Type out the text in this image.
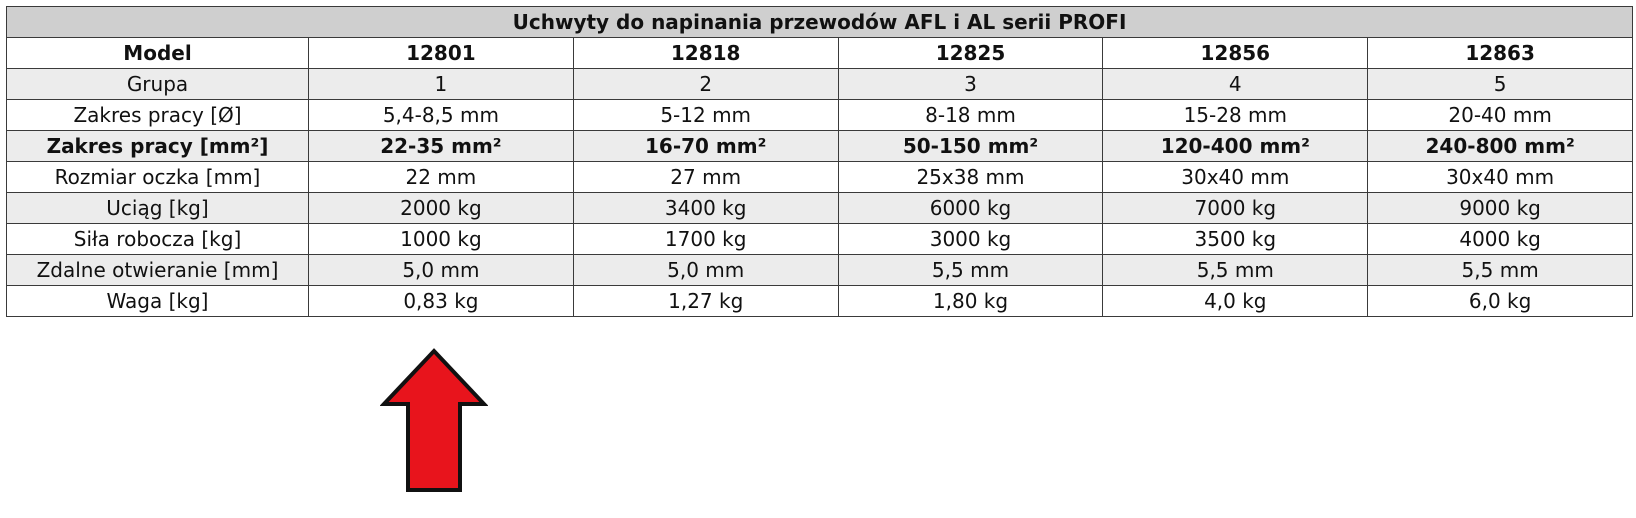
Uchwyty do napinania przewodów AFL i AL serii PROFI					
Model	12801	12818	12825	12856	12863
Grupa	1	2	3	4	5
Zakres pracy [Ø]	5,4-8,5 mm	5-12 mm	8-18 mm	15-28 mm	20-40 mm
Zakres pracy [mm²]	22-35 mm²	16-70 mm²	50-150 mm²	120-400 mm²	240-800 mm²
Rozmiar oczka [mm]	22 mm	27 mm	25x38 mm	30x40 mm	30x40 mm
Uciąg [kg]	2000 kg	3400 kg	6000 kg	7000 kg	9000 kg
Siła robocza [kg]	1000 kg	1700 kg	3000 kg	3500 kg	4000 kg
Zdalne otwieranie [mm]	5,0 mm	5,0 mm	5,5 mm	5,5 mm	5,5 mm
Waga [kg]	0,83 kg	1,27 kg	1,80 kg	4,0 kg	6,0 kg
